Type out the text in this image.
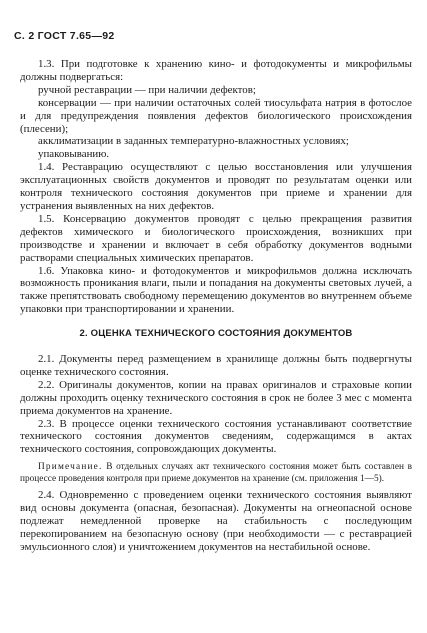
С. 2 ГОСТ 7.65—92

1.3. При подготовке к хранению кино- и фотодокументы и микрофильмы должны подвергаться:

ручной реставрации — при наличии дефектов;

консервации — при наличии остаточных солей тиосульфата натрия в фотослое и для предупреждения появления дефектов биологического происхождения (плесени);

акклиматизации в заданных температурно-влажностных условиях;

упаковыванию.

1.4. Реставрацию осуществляют с целью восстановления или улучшения эксплуатационных свойств документов и проводят по результатам оценки или контроля технического состояния документов при приеме и хранении для устранения выявленных на них дефектов.

1.5. Консервацию документов проводят с целью прекращения развития дефектов химического и биологического происхождения, возникших при производстве и хранении и включает в себя обработку документов водными растворами специальных химических препаратов.

1.6. Упаковка кино- и фотодокументов и микрофильмов должна исключать возможность проникания влаги, пыли и попадания на документы световых лучей, а также препятствовать свободному перемещению документов во внутреннем объеме упаковки при транспортировании и хранении.

2. ОЦЕНКА ТЕХНИЧЕСКОГО СОСТОЯНИЯ ДОКУМЕНТОВ

2.1. Документы перед размещением в хранилище должны быть подвергнуты оценке технического состояния.

2.2. Оригиналы документов, копии на правах оригиналов и страховые копии должны проходить оценку технического состояния в срок не более 3 мес с момента приема документов на хранение.

2.3. В процессе оценки технического состояния устанавливают соответствие технического состояния документов сведениям, содержащимся в актах технического состояния, сопровождающих документы.

Примечание. В отдельных случаях акт технического состояния может быть составлен в процессе проведения контроля при приеме документов на хранение (см. приложения 1—5).

2.4. Одновременно с проведением оценки технического состояния выявляют вид основы документа (опасная, безопасная). Документы на огнеопасной основе подлежат немедленной проверке на стабильность с последующим перекопированием на безопасную основу (при необходимости — с реставрацией эмульсионного слоя) и уничтожением документов на нестабильной основе.
